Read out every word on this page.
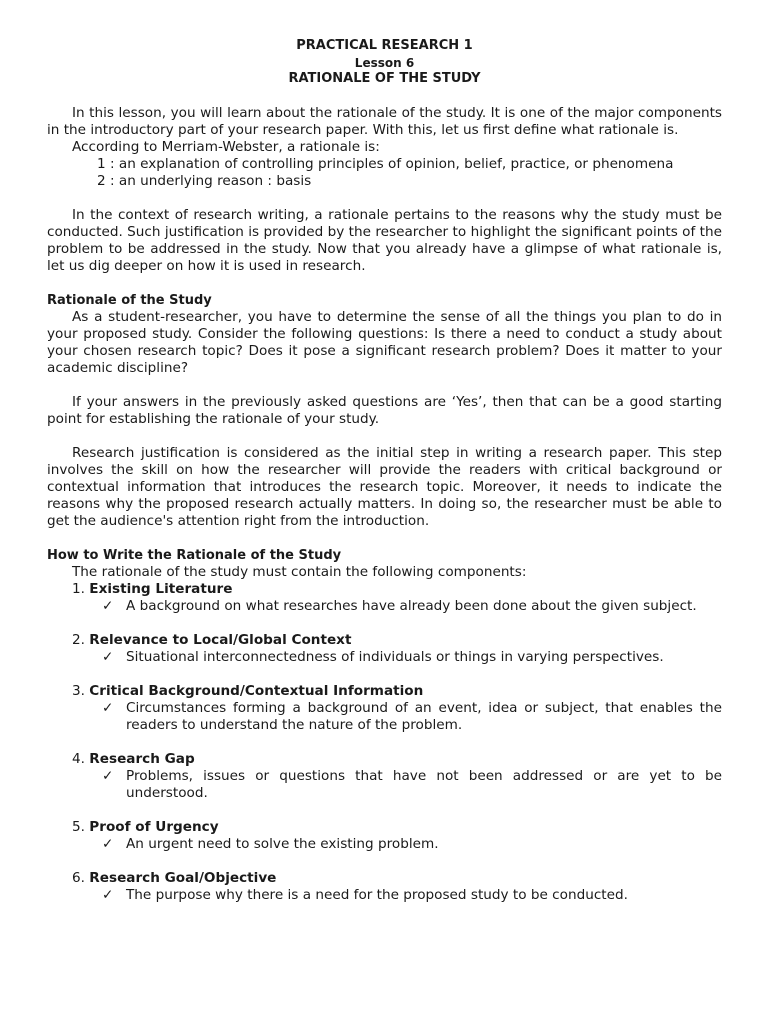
PRACTICAL RESEARCH 1
Lesson 6
RATIONALE OF THE STUDY

In this lesson, you will learn about the rationale of the study. It is one of the major components in the introductory part of your research paper. With this, let us first define what rationale is.

According to Merriam-Webster, a rationale is:

1 : an explanation of controlling principles of opinion, belief, practice, or phenomena

2 : an underlying reason : basis

In the context of research writing, a rationale pertains to the reasons why the study must be conducted. Such justification is provided by the researcher to highlight the significant points of the problem to be addressed in the study. Now that you already have a glimpse of what rationale is, let us dig deeper on how it is used in research.

Rationale of the Study

As a student-researcher, you have to determine the sense of all the things you plan to do in your proposed study. Consider the following questions: Is there a need to conduct a study about your chosen research topic? Does it pose a significant research problem? Does it matter to your academic discipline?

If your answers in the previously asked questions are ‘Yes’, then that can be a good starting point for establishing the rationale of your study.

Research justification is considered as the initial step in writing a research paper. This step involves the skill on how the researcher will provide the readers with critical background or contextual information that introduces the research topic. Moreover, it needs to indicate the reasons why the proposed research actually matters. In doing so, the researcher must be able to get the audience's attention right from the introduction.

How to Write the Rationale of the Study

The rationale of the study must contain the following components:

1. Existing Literature

✓ A background on what researches have already been done about the given subject.

2. Relevance to Local/Global Context

✓ Situational interconnectedness of individuals or things in varying perspectives.

3. Critical Background/Contextual Information

✓ Circumstances forming a background of an event, idea or subject, that enables the readers to understand the nature of the problem.

4. Research Gap

✓ Problems, issues or questions that have not been addressed or are yet to be understood.

5. Proof of Urgency

✓ An urgent need to solve the existing problem.

6. Research Goal/Objective

✓ The purpose why there is a need for the proposed study to be conducted.
